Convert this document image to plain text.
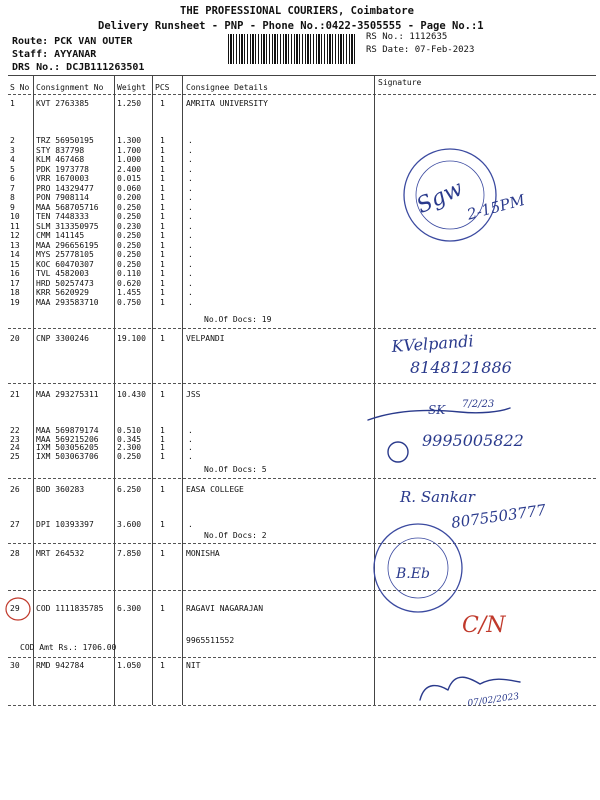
THE PROFESSIONAL COURIERS, Coimbatore
Delivery Runsheet - PNP - Phone No.:0422-3505555 - Page No.:1
Route: PCK VAN OUTER
Staff: AYYANAR
DRS No.: DCJB111263501
RS No.: 1112635
RS Date: 07-Feb-2023
S No Consignment No Weight PCS Consignee Details
Signature
1	KVT 2763385	1.250 1	AMRITA UNIVERSITY
2	TRZ 56950195	1.300 1	.
3	STY 837798	1.700 1	.
4	KLM 467468	1.000 1	.
5	PDK 1973778	2.400 1	.
6	VRR 1670003	0.015 1	.
7	PRO 14329477	0.060 1	.
8	PON 7908114	0.200 1	.
9	MAA 568705716 0.250 1	.
10 TEN 7448333	0.250 1	.
11 SLM 313350975 0.230 1	.
12 CMM 141145	0.250 1	.
13 MAA 296656195 0.250 1	.
14 MYS 25778105	0.250 1	.
15 KOC 60470307	0.250 1	.
16 TVL 4582003	0.110 1	.
17 HRD 50257473	0.620 1	.
18 KRR 5620929	1.455 1	.
19 MAA 293583710 0.750 1	.
No.Of Docs: 19
20 CNP 3300246	19.100 1	VELPANDI
21 MAA 293275311 10.430 1	JSS
22 MAA 569879174 0.510 1	.
23 MAA 569215206 0.345 1	.
24 IXM 503056205 2.300 1	.
25 IXM 503063706 0.250 1	.
No.Of Docs: 5
26 BOD 360283	6.250 1	EASA COLLEGE
27 DPI 10393397	3.600 1	.
No.Of Docs: 2
28 MRT 264532	7.850 1	MONISHA
29 COD 1111835785 6.300 1	RAGAVI NAGARAJAN
9965511552
COD Amt Rs.: 1706.00
30 RMD 942784	1.050 1	NIT
Sgw
2-15PM
KVelpandi
8148121886
SK 7/2/23
9995005822
R. Sankar
8075503777
B.Eb
C/N
07/02/2023
